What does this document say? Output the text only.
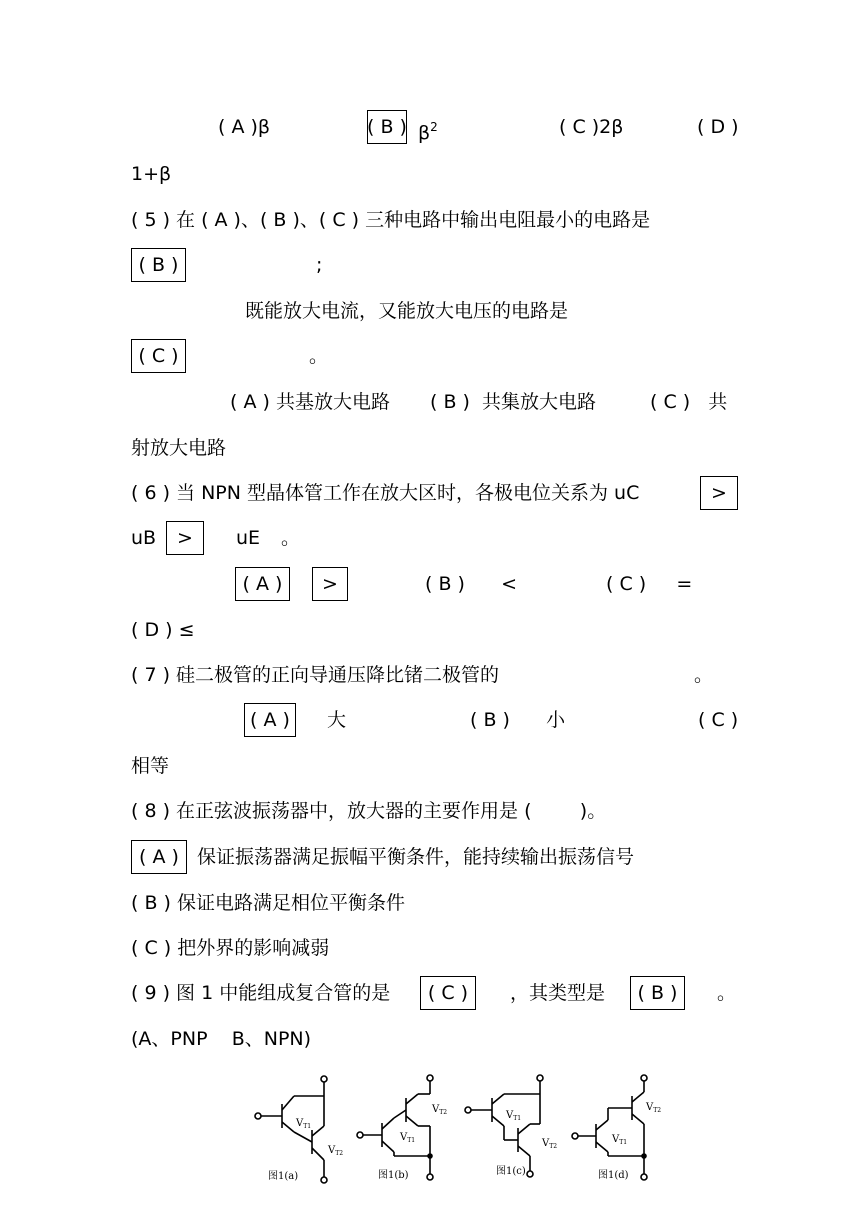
( A )β	( B ) $\beta^2$	( C )2β	( D )
1+β
( 5 ) 在 ( A )、( B )、( C ) 三种电路中输出电阻最小的电路是
( B )	;
既能放大电流，又能放大电压的电路是
( C )	。
( A ) 共基放大电路 ( B )  共集放大电路	( C )   共
射放大电路
( 6 ) 当 NPN 型晶体管工作在放大区时，各极电位关系为 uC	>
uB	>	uE 。
( A )	>	( B )      <	( C )     =
( D ) ≤
( 7 ) 硅二极管的正向导通压降比锗二极管的	。
( A )	大	( B )      小	( C )
相等
( 8 ) 在正弦波振荡器中，放大器的主要作用是 (        )。
( A ) 保证振荡器满足振幅平衡条件，能持续输出振荡信号
( B ) 保证电路满足相位平衡条件
( C ) 把外界的影响减弱
( 9 ) 图 1 中能组成复合管的是	( C )	，其类型是	( B )	。
(A、PNP    B、NPN)
$V_{T1}$
$V_{T2}$
$V_{T1}$
$V_{T2}$	$V_{T1}$
$V_{T2}$
$V_{T1}$
$V_{T2}$
图1(a)	图1(b)	图1(c)	图1(d)
